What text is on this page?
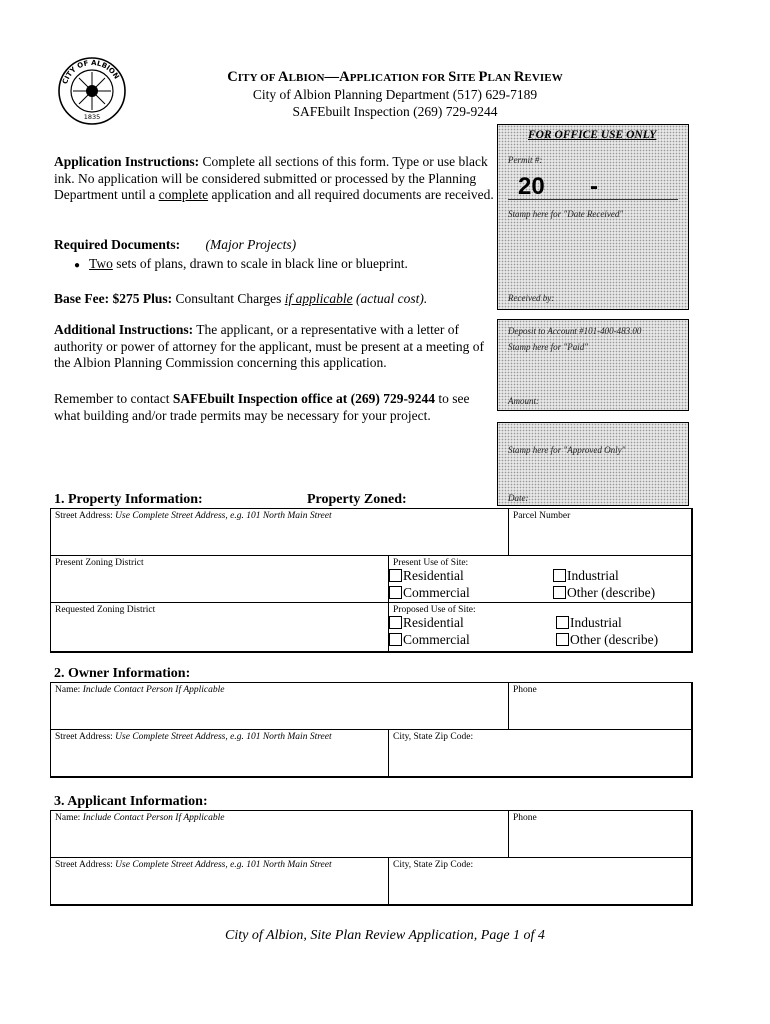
CITY OF ALBION
1835
CITY OF ALBION—APPLICATION FOR SITE PLAN REVIEW
City of Albion Planning Department (517) 629-7189
SAFEbuilt Inspection (269) 729-9244
FOR OFFICE USE ONLY
Permit #:
20 -
Stamp here for "Date Received"
Received by:
Deposit to Account #101-400-483.00
Stamp here for "Paid"
Amount:
Stamp here for "Approved Only"
Date:
Application Instructions: Complete all sections of this form. Type or use black ink. No application will be considered submitted or processed by the Planning Department until a complete application and all required documents are received.
Required Documents: (Major Projects)
● Two sets of plans, drawn to scale in black line or blueprint.
Base Fee: $275 Plus: Consultant Charges if applicable (actual cost).
Additional Instructions: The applicant, or a representative with a letter of authority or power of attorney for the applicant, must be present at a meeting of the Albion Planning Commission concerning this application.
Remember to contact SAFEbuilt Inspection office at (269) 729-9244 to see what building and/or trade permits may be necessary for your project.
1. Property Information:	Property Zoned:
Street Address: Use Complete Street Address, e.g. 101 North Main Street	Parcel Number
Present Zoning District	Present Use of Site:
Requested Zoning District	Proposed Use of Site:
Residential
Commercial
Industrial
Other (describe)
Residential
Commercial
Industrial
Other (describe)
2. Owner Information:
Name: Include Contact Person If Applicable	Phone
Street Address: Use Complete Street Address, e.g. 101 North Main Street	City, State Zip Code:
3. Applicant Information:
Name: Include Contact Person If Applicable	Phone
Street Address: Use Complete Street Address, e.g. 101 North Main Street	City, State Zip Code:
City of Albion, Site Plan Review Application, Page 1 of 4
